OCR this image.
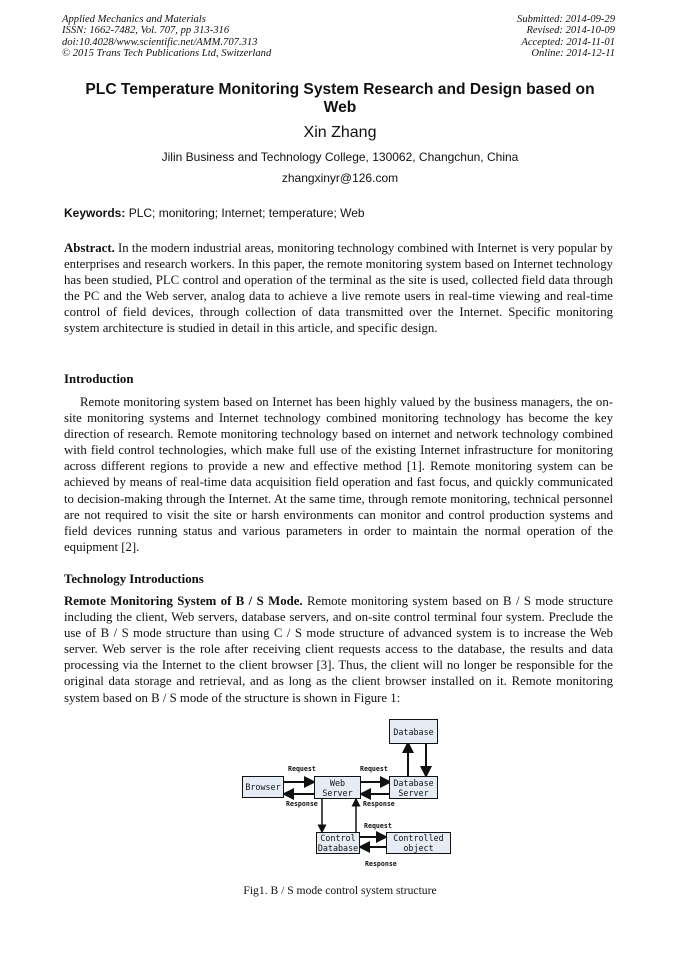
Applied Mechanics and Materials
ISSN: 1662-7482, Vol. 707, pp 313-316
doi:10.4028/www.scientific.net/AMM.707.313
© 2015 Trans Tech Publications Ltd, Switzerland
Submitted: 2014-09-29
Revised: 2014-10-09
Accepted: 2014-11-01
Online: 2014-12-11
PLC Temperature Monitoring System Research and Design based on
Web
Xin Zhang
Jilin Business and Technology College, 130062, Changchun, China
zhangxinyr@126.com
Keywords: PLC; monitoring; Internet; temperature; Web
Abstract. In the modern industrial areas, monitoring technology combined with Internet is very popular by enterprises and research workers. In this paper, the remote monitoring system based on Internet technology has been studied, PLC control and operation of the terminal as the site is used, collected field data through the PC and the Web server, analog data to achieve a live remote users in real-time viewing and real-time control of field devices, through collection of data transmitted over the Internet. Specific monitoring system architecture is studied in detail in this article, and specific design.
Introduction
Remote monitoring system based on Internet has been highly valued by the business managers, the on-site monitoring systems and Internet technology combined monitoring technology has become the key direction of research. Remote monitoring technology based on internet and network technology combined with field control technologies, which make full use of the existing Internet infrastructure for monitoring across different regions to provide a new and effective method [1]. Remote monitoring system can be achieved by means of real-time data acquisition field operation and fast focus, and quickly communicated to decision-making through the Internet. At the same time, through remote monitoring, technical personnel are not required to visit the site or harsh environments can monitor and control production systems and field devices running status and various parameters in order to maintain the normal operation of the equipment [2].
Technology Introductions
Remote Monitoring System of B / S Mode. Remote monitoring system based on B / S mode structure including the client, Web servers, database servers, and on-site control terminal four system. Preclude the use of B / S mode structure than using C / S mode structure of advanced system is to increase the Web server. Web server is the role after receiving client requests access to the database, the results and data processing via the Internet to the client browser [3]. Thus, the client will no longer be responsible for the original data storage and retrieval, and as long as the client browser installed on it. Remote monitoring system based on B / S mode of the structure is shown in Figure 1:
Database
Browser	Web
Server
Database
Server
Control
Database
Controlled
object
Request
Response
Request
Response
Request
Response
Fig1. B / S mode control system structure
